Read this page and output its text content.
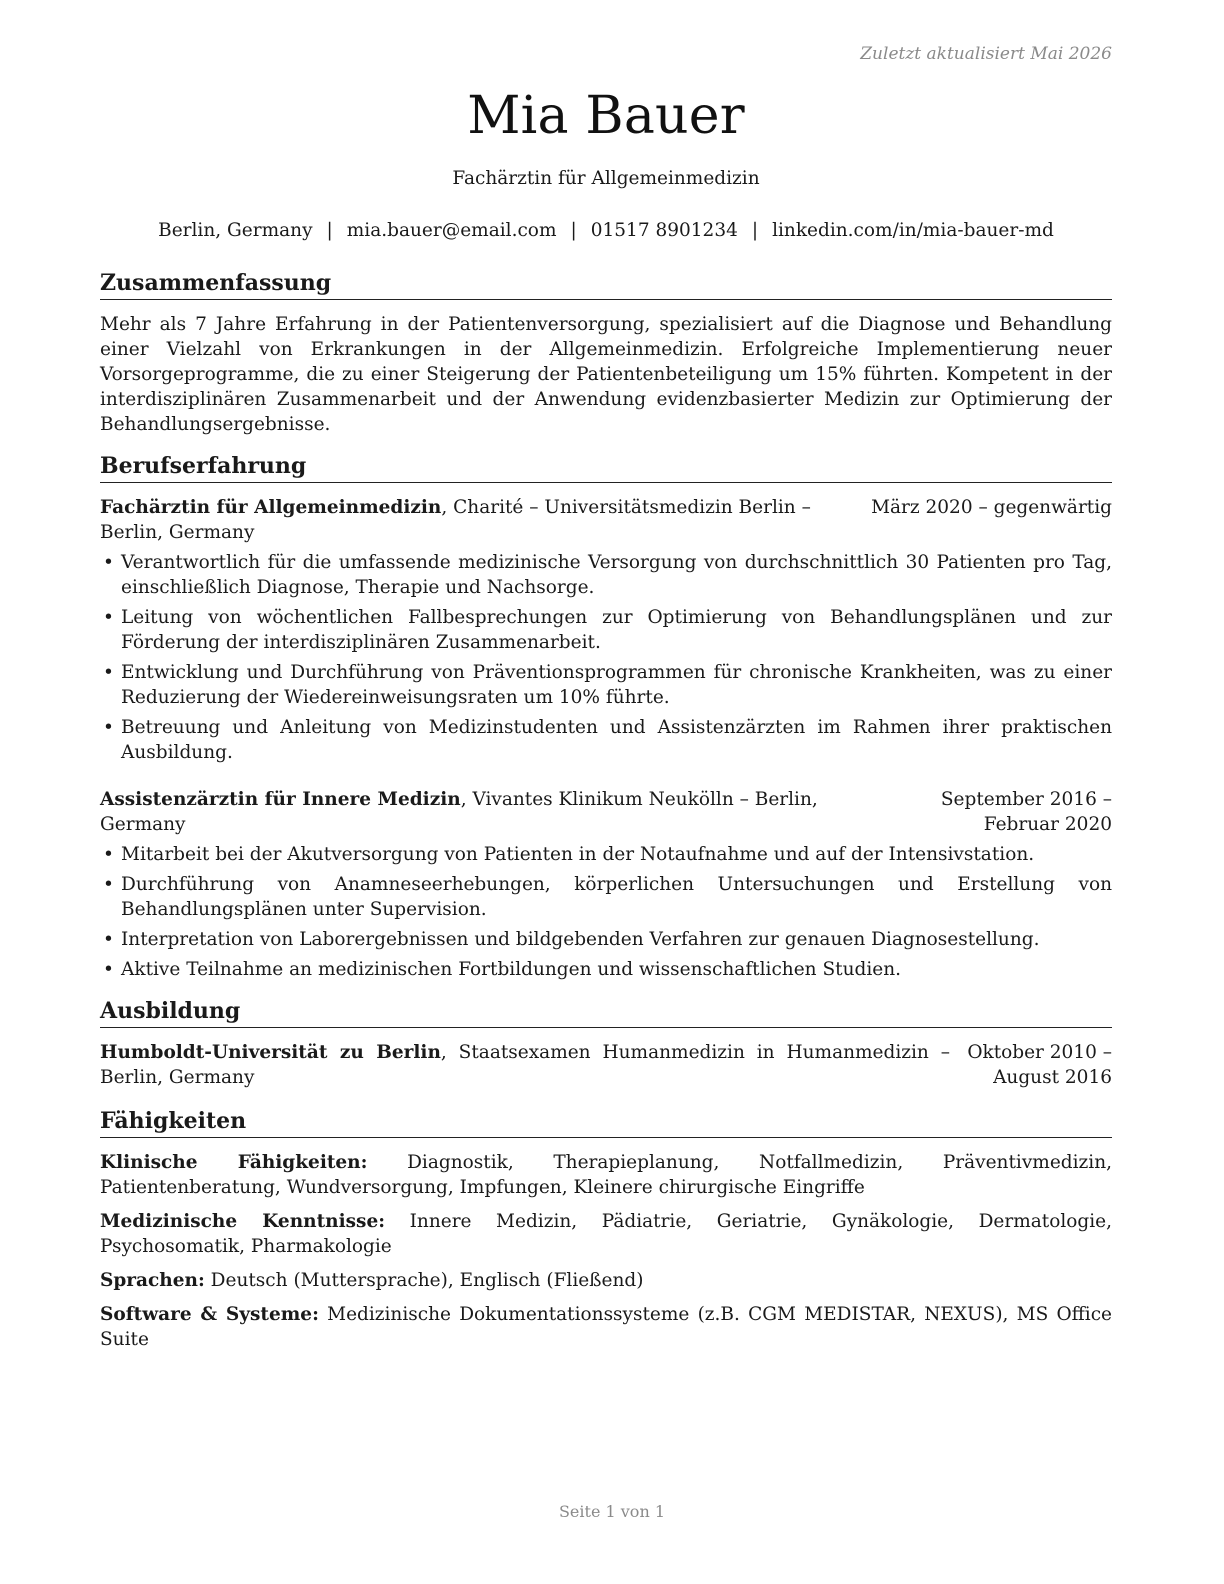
Zuletzt aktualisiert Mai 2026
Mia Bauer
Fachärztin für Allgemeinmedizin
Berlin, Germany | mia.bauer@email.com | 01517 8901234 | linkedin.com/in/mia-bauer-md
Zusammenfassung
Mehr als 7 Jahre Erfahrung in der Patientenversorgung, spezialisiert auf die Diagnose und Behandlung einer Vielzahl von Erkrankungen in der Allgemeinmedizin. Erfolgreiche Implementierung neuer Vorsorgeprogramme, die zu einer Steigerung der Patientenbeteiligung um 15% führten. Kompetent in der interdisziplinären Zusammenarbeit und der Anwendung evidenzbasierter Medizin zur Optimierung der Behandlungsergebnisse.
Berufserfahrung
Fachärztin für Allgemeinmedizin, Charité – Universitätsmedizin Berlin – Berlin, Germany
März 2020 – gegenwärtig
• Verantwortlich für die umfassende medizinische Versorgung von durchschnittlich 30 Patienten pro Tag, einschließlich Diagnose, Therapie und Nachsorge.
• Leitung von wöchentlichen Fallbesprechungen zur Optimierung von Behandlungsplänen und zur Förderung der interdisziplinären Zusammenarbeit.
• Entwicklung und Durchführung von Präventionsprogrammen für chronische Krankheiten, was zu einer Reduzierung der Wiedereinweisungsraten um 10% führte.
• Betreuung und Anleitung von Medizinstudenten und Assistenzärzten im Rahmen ihrer praktischen Ausbildung.
Assistenzärztin für Innere Medizin, Vivantes Klinikum Neukölln – Berlin, Germany
September 2016 – Februar 2020
• Mitarbeit bei der Akutversorgung von Patienten in der Notaufnahme und auf der Intensivstation.
• Durchführung von Anamneseerhebungen, körperlichen Untersuchungen und Erstellung von Behandlungsplänen unter Supervision.
• Interpretation von Laborergebnissen und bildgebenden Verfahren zur genauen Diagnosestellung.
• Aktive Teilnahme an medizinischen Fortbildungen und wissenschaftlichen Studien.
Ausbildung
Humboldt-Universität zu Berlin, Staatsexamen Humanmedizin in Humanmedizin – Berlin, Germany
Oktober 2010 – August 2016
Fähigkeiten
Klinische Fähigkeiten: Diagnostik, Therapieplanung, Notfallmedizin, Präventivmedizin, Patientenberatung, Wundversorgung, Impfungen, Kleinere chirurgische Eingriffe
Medizinische Kenntnisse: Innere Medizin, Pädiatrie, Geriatrie, Gynäkologie, Dermatologie, Psychosomatik, Pharmakologie
Sprachen: Deutsch (Muttersprache), Englisch (Fließend)
Software & Systeme: Medizinische Dokumentationssysteme (z.B. CGM MEDISTAR, NEXUS), MS Office Suite
Seite 1 von 1
